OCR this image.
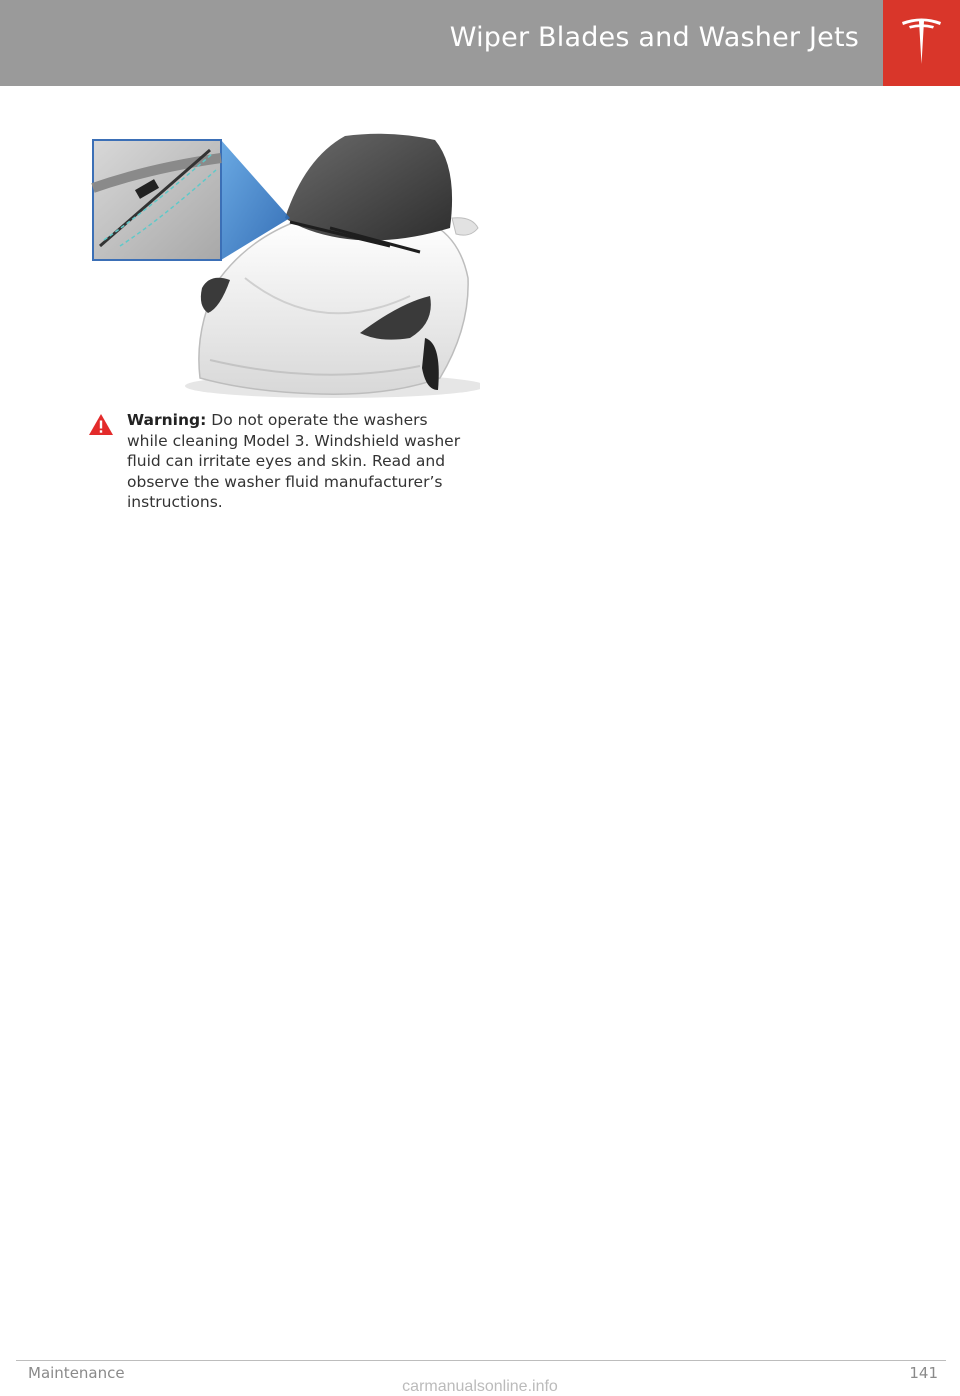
Wiper Blades and Washer Jets
Warning: Do not operate the washers while cleaning Model 3. Windshield washer fluid can irritate eyes and skin. Read and observe the washer fluid manufacturer’s instructions.
Maintenance	141
carmanualsonline.info
